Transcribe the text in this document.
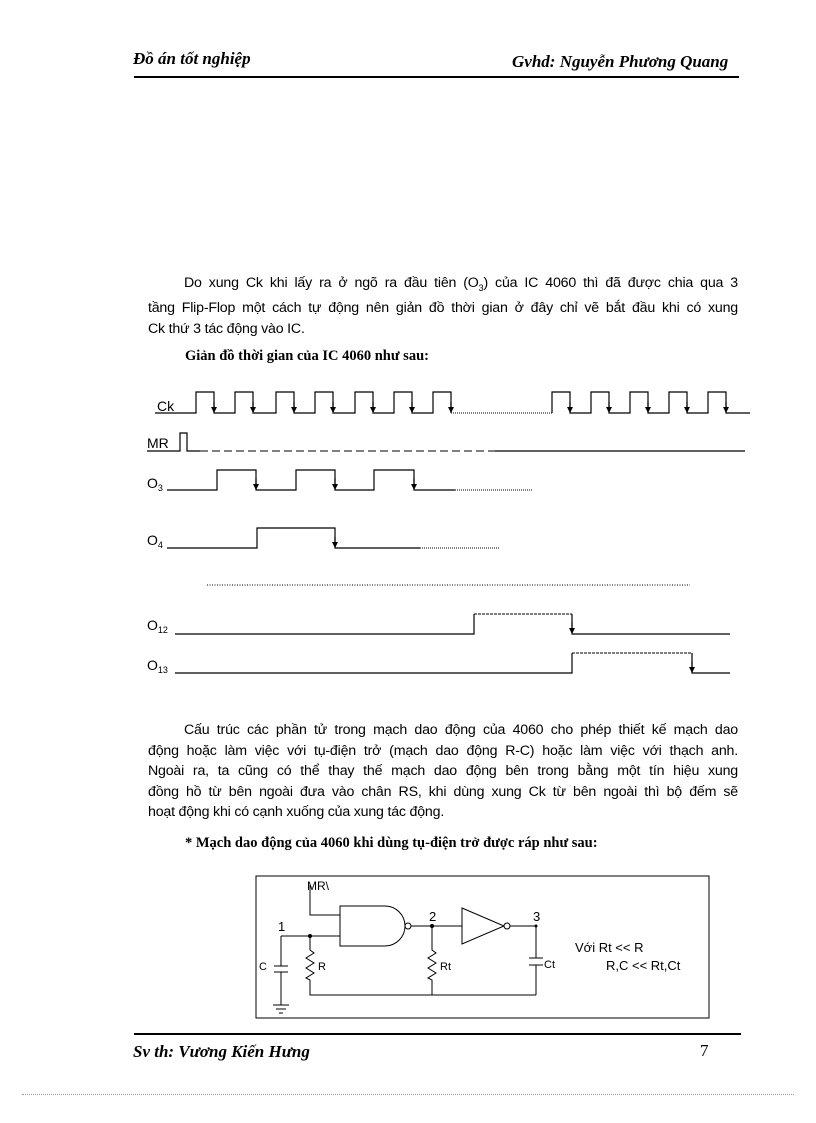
Đồ án tốt nghiệp	Gvhd: Nguyễn Phương Quang
Do xung Ck khi lấy ra ở ngõ ra đầu tiên $(O_3)$ của IC 4060 thì đã được chia qua 3
tầng Flip-Flop một cách tự động nên giản đồ thời gian ở đây chỉ vẽ bắt đầu khi có xung
Ck thứ 3 tác động vào IC.
Giản đồ thời gian của IC 4060 như sau:
Ck
MR
$O_3$
$O_4$
$O_{12}$
$O_{13}$
Cấu trúc các phần tử trong mạch dao động của 4060 cho phép thiết kế mạch dao
động hoặc làm việc với tụ-điện trở (mạch dao động R-C) hoặc làm việc với thạch anh.
Ngoài ra, ta cũng có thể thay thế mạch dao động bên trong bằng một tín hiệu xung
đồng hồ từ bên ngoài đưa vào chân RS, khi dùng xung Ck từ bên ngoài thì bộ đếm sẽ
hoạt động khi có cạnh xuống của xung tác động.
* Mạch dao động của 4060 khi dùng tụ-điện trở được ráp như sau:
MR\
1
2	3
C	R	Rt	Ct
Với Rt << R
R,C << Rt,Ct
Sv th: Vương Kiến Hưng	7
